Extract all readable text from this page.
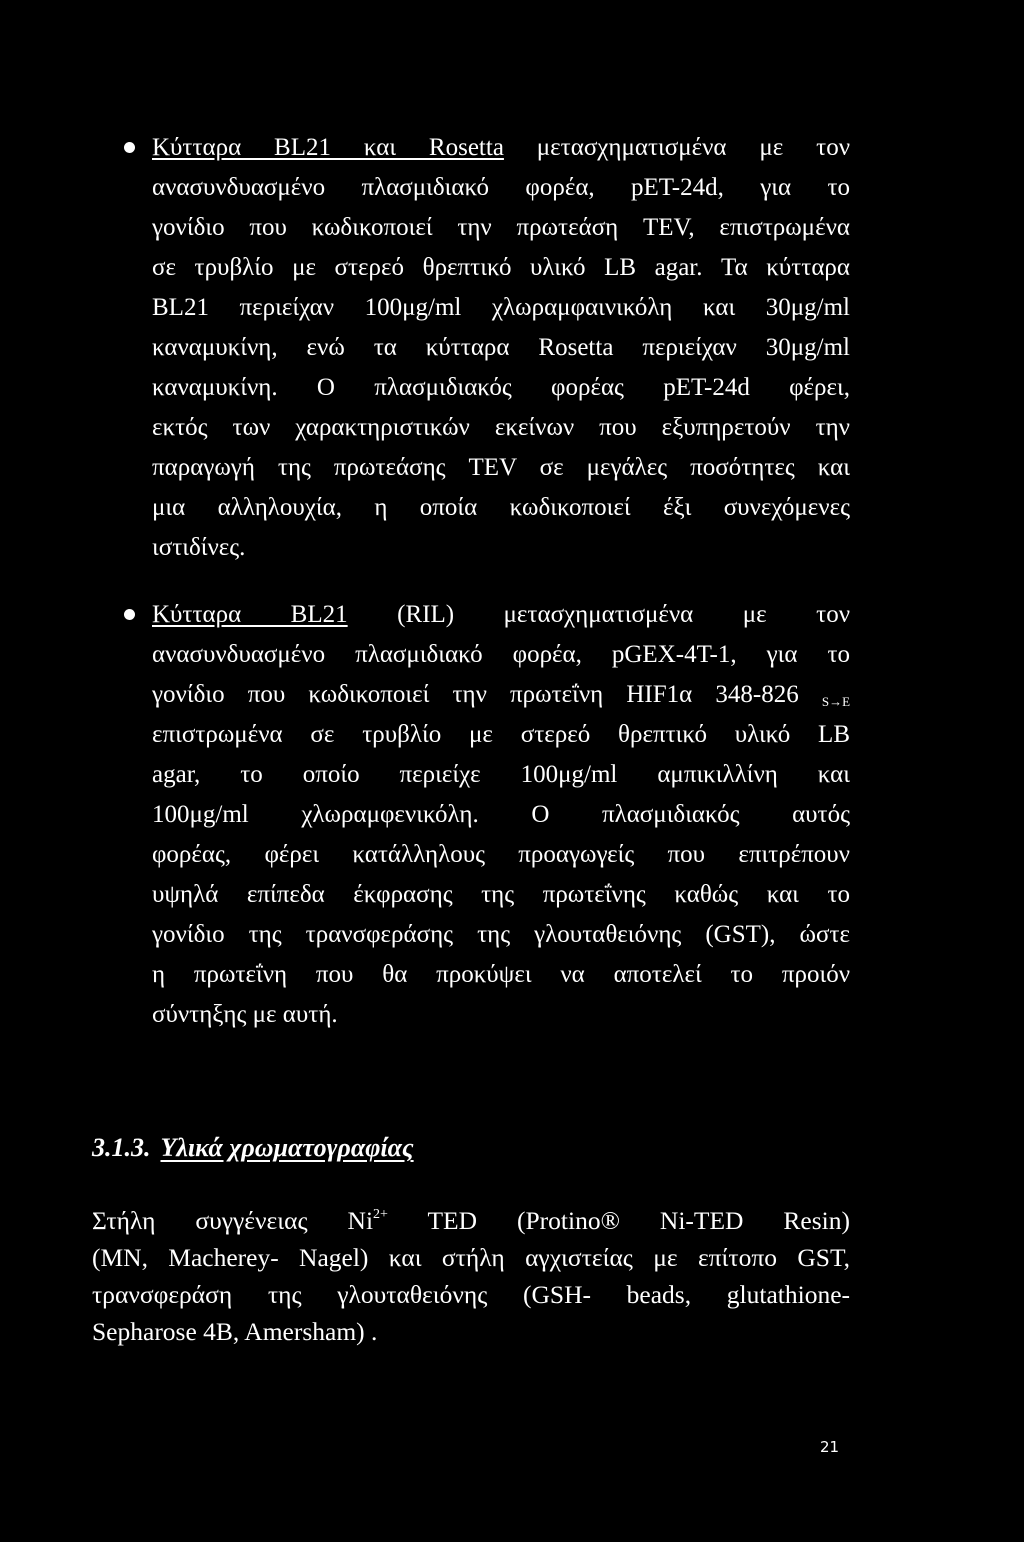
Κύτταρα BL21 και Rosetta μετασχηματισμένα με τον
ανασυνδυασμένο πλασμιδιακό φορέα, pET-24d, για το
γονίδιο που κωδικοποιεί την πρωτεάση TEV, επιστρωμένα
σε τρυβλίο με στερεό θρεπτικό υλικό LB agar. Τα κύτταρα
BL21 περιείχαν 100μg/ml χλωραμφαινικόλη και 30μg/ml
καναμυκίνη, ενώ τα κύτταρα Rosetta περιείχαν 30μg/ml
καναμυκίνη. Ο πλασμιδιακός φορέας pET-24d φέρει,
εκτός των χαρακτηριστικών εκείνων που εξυπηρετούν την
παραγωγή της πρωτεάσης TEV σε μεγάλες ποσότητες και
μια αλληλουχία, η οποία κωδικοποιεί έξι συνεχόμενες
ιστιδίνες.
Κύτταρα BL21 (RIL) μετασχηματισμένα με τον
ανασυνδυασμένο πλασμιδιακό φορέα, pGEX-4T-1, για το
γονίδιο που κωδικοποιεί την πρωτεΐνη HIF1α 348-826 S→E
επιστρωμένα σε τρυβλίο με στερεό θρεπτικό υλικό LB
agar, το οποίο περιείχε 100μg/ml αμπικιλλίνη και
100μg/ml χλωραμφενικόλη. Ο πλασμιδιακός αυτός
φορέας, φέρει κατάλληλους προαγωγείς που επιτρέπουν
υψηλά επίπεδα έκφρασης της πρωτεΐνης καθώς και το
γονίδιο της τρανσφεράσης της γλουταθειόνης (GST), ώστε
η πρωτεΐνη που θα προκύψει να αποτελεί το προιόν
σύντηξης με αυτή.
3.1.3. Υλικά χρωματογραφίας
Στήλη συγγένειας $Ni^{2+}$ TED (Protino® Ni-TED Resin)
(MN, Macherey- Nagel) και στήλη αγχιστείας με επίτοπο GST,
τρανσφεράση της γλουταθειόνης (GSH- beads, glutathione-
Sepharose 4B, Amersham) .
21
